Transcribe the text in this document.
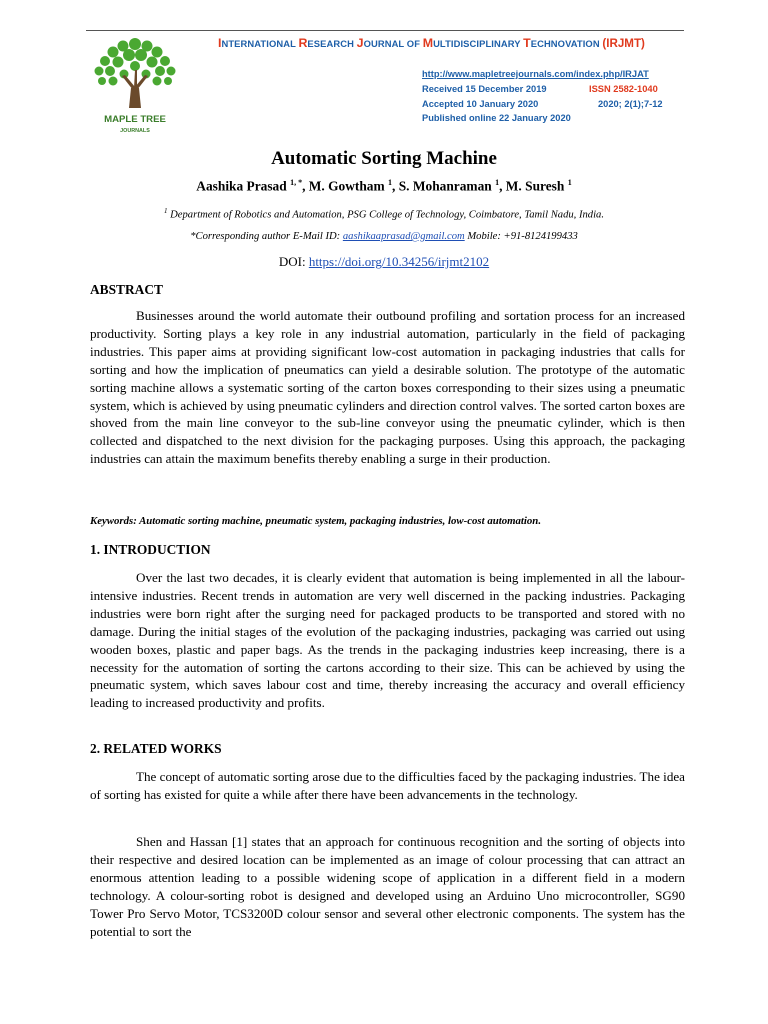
INTERNATIONAL RESEARCH JOURNAL OF MULTIDISCIPLINARY TECHNOVATION (IRJMT)
MAPLE TREE
JOURNALS
http://www.mapletreejournals.com/index.php/IRJAT
Received 15 December 2019
Accepted 10 January 2020
Published online 22 January 2020
ISSN 2582-1040
2020; 2(1);7-12
Automatic Sorting Machine
Aashika Prasad $^{1, *}$, M. Gowtham $^1$, S. Mohanraman $^1$, M. Suresh $^1$
$^1$ Department of Robotics and Automation, PSG College of Technology, Coimbatore, Tamil Nadu, India.
*Corresponding author E-Mail ID: aashikaaprasad@gmail.com Mobile: +91-8124199433
DOI: https://doi.org/10.34256/irjmt2102
ABSTRACT

Businesses around the world automate their outbound profiling and sortation process for an increased productivity. Sorting plays a key role in any industrial automation, particularly in the field of packaging industries. This paper aims at providing significant low-cost automation in packaging industries that calls for sorting and how the implication of pneumatics can yield a desirable solution. The prototype of the automatic sorting machine allows a systematic sorting of the carton boxes corresponding to their sizes using a pneumatic system, which is achieved by using pneumatic cylinders and direction control valves. The sorted carton boxes are shoved from the main line conveyor to the sub-line conveyor using the pneumatic cylinder, which is then collected and dispatched to the next division for the packaging purposes. Using this approach, the packaging industries can attain the maximum benefits thereby enabling a surge in their production.

Keywords: Automatic sorting machine, pneumatic system, packaging industries, low-cost automation.
1. INTRODUCTION

Over the last two decades, it is clearly evident that automation is being implemented in all the labour-intensive industries. Recent trends in automation are very well discerned in the packing industries. Packaging industries were born right after the surging need for packaged products to be transported and stored with no damage. During the initial stages of the evolution of the packaging industries, packaging was carried out using wooden boxes, plastic and paper bags. As the trends in the packaging industries keep increasing, there is a necessity for the automation of sorting the cartons according to their size. This can be achieved by using the pneumatic system, which saves labour cost and time, thereby increasing the accuracy and overall efficiency leading to increased productivity and profits.

2. RELATED WORKS

The concept of automatic sorting arose due to the difficulties faced by the packaging industries. The idea of sorting has existed for quite a while after there have been advancements in the technology.

Shen and Hassan [1] states that an approach for continuous recognition and the sorting of objects into their respective and desired location can be implemented as an image of colour processing that can attract an enormous attention leading to a possible widening scope of application in a different field in a modern technology. A colour-sorting robot is designed and developed using an Arduino Uno microcontroller, SG90 Tower Pro Servo Motor, TCS3200D colour sensor and several other electronic components. The system has the potential to sort the
